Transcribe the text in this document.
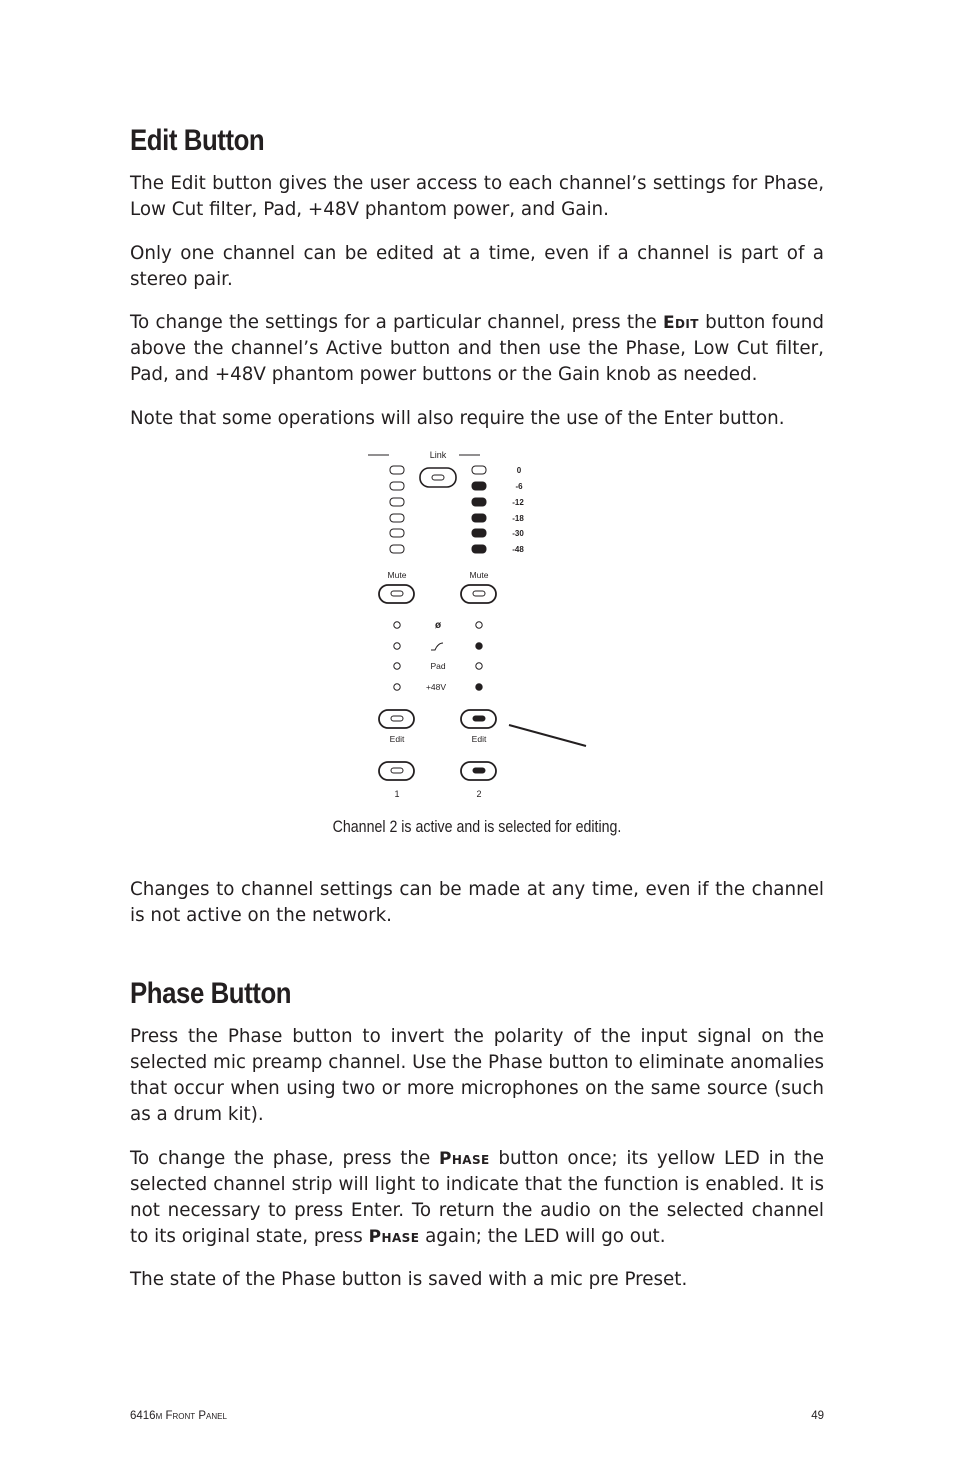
Edit Button

The Edit button gives the user access to each channel’s settings for Phase, Low Cut filter, Pad, +48V phantom power, and Gain.

Only one channel can be edited at a time, even if a channel is part of a stereo pair.

To change the settings for a particular channel, press the Edit button found above the channel’s Active button and then use the Phase, Low Cut filter, Pad, and +48V phantom power buttons or the Gain knob as needed.

Note that some operations will also require the use of the Enter button.

Link
0
-6
-12
-18
-30
-48
Mute	Mute
ø
Pad
+48V
Edit	Edit
1	2
Channel 2 is active and is selected for editing.

Changes to channel settings can be made at any time, even if the channel is not active on the network.

Phase Button

Press the Phase button to invert the polarity of the input signal on the selected mic preamp channel. Use the Phase button to eliminate anomalies that occur when using two or more microphones on the same source (such as a drum kit).

To change the phase, press the Phase button once; its yellow LED in the selected channel strip will light to indicate that the function is enabled. It is not necessary to press Enter. To return the audio on the selected channel to its original state, press Phase again; the LED will go out.

The state of the Phase button is saved with a mic pre Preset.

6416m Front Panel	49
